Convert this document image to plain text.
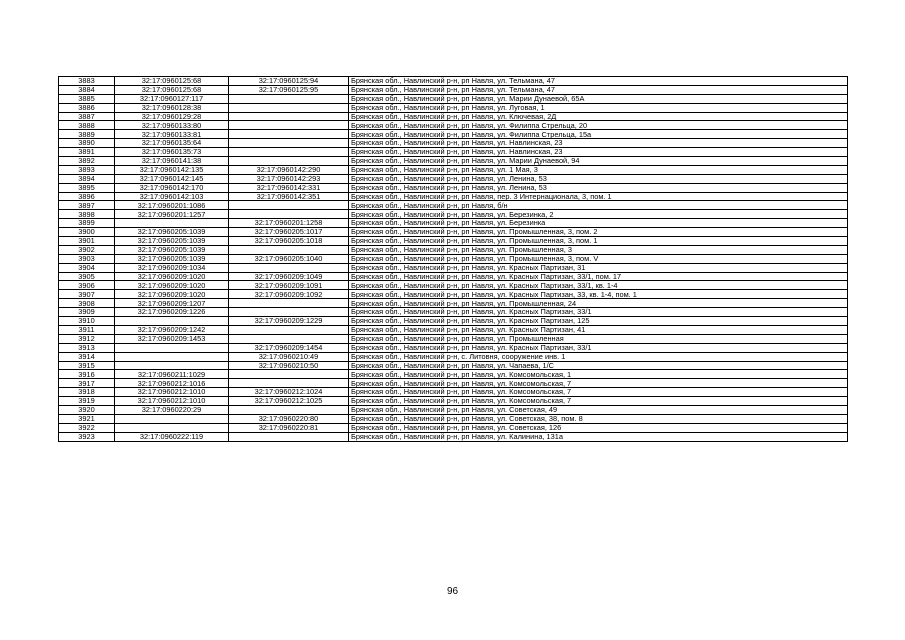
3883	32:17:0960125:68	32:17:0960125:94	Брянская обл., Навлинский р-н, рп Навля, ул. Тельмана, 47
3884	32:17:0960125:68	32:17:0960125:95	Брянская обл., Навлинский р-н, рп Навля, ул. Тельмана, 47
3885	32:17:0960127:117		Брянская обл., Навлинский р-н, рп Навля, ул. Марии Дунаевой, 65А
3886	32:17:0960128:38		Брянская обл., Навлинский р-н, рп Навля, ул. Луговая, 1
3887	32:17:0960129:28		Брянская обл., Навлинский р-н, рп Навля, ул. Ключевая, 2Д
3888	32:17:0960133:80		Брянская обл., Навлинский р-н, рп Навля, ул. Филиппа Стрельца, 20
3889	32:17:0960133:81		Брянская обл., Навлинский р-н, рп Навля, ул. Филиппа Стрельца, 15а
3890	32:17:0960135:64		Брянская обл., Навлинский р-н, рп Навля, ул. Навлинская, 23
3891	32:17:0960135:73		Брянская обл., Навлинский р-н, рп Навля, ул. Навлинская, 23
3892	32:17:0960141:38		Брянская обл., Навлинский р-н, рп Навля, ул. Марии Дунаевой, 94
3893	32:17:0960142:135	32:17:0960142:290	Брянская обл., Навлинский р-н, рп Навля, ул. 1 Мая, 3
3894	32:17:0960142:145	32:17:0960142:293	Брянская обл., Навлинский р-н, рп Навля, ул. Ленина, 53
3895	32:17:0960142:170	32:17:0960142:331	Брянская обл., Навлинский р-н, рп Навля, ул. Ленина, 53
3896	32:17:0960142:103	32:17:0960142:351	Брянская обл., Навлинский р-н, рп Навля, пер. 3 Интернационала, 3, пом. 1
3897	32:17:0960201:1086		Брянская обл., Навлинский р-н, рп Навля, б/н
3898	32:17:0960201:1257		Брянская обл., Навлинский р-н, рп Навля, ул. Березинка, 2
3899		32:17:0960201:1258	Брянская обл., Навлинский р-н, рп Навля, ул. Березинка
3900	32:17:0960205:1039	32:17:0960205:1017	Брянская обл., Навлинский р-н, рп Навля, ул. Промышленная, 3, пом. 2
3901	32:17:0960205:1039	32:17:0960205:1018	Брянская обл., Навлинский р-н, рп Навля, ул. Промышленная, 3, пом. 1
3902	32:17:0960205:1039		Брянская обл., Навлинский р-н, рп Навля, ул. Промышленная, 3
3903	32:17:0960205:1039	32:17:0960205:1040	Брянская обл., Навлинский р-н, рп Навля, ул. Промышленная, 3, пом. V
3904	32:17:0960209:1034		Брянская обл., Навлинский р-н, рп Навля, ул. Красных Партизан, 31
3905	32:17:0960209:1020	32:17:0960209:1049	Брянская обл., Навлинский р-н, рп Навля, ул. Красных Партизан, 33/1, пом. 17
3906	32:17:0960209:1020	32:17:0960209:1091	Брянская обл., Навлинский р-н, рп Навля, ул. Красных Партизан, 33/1, кв. 1-4
3907	32:17:0960209:1020	32:17:0960209:1092	Брянская обл., Навлинский р-н, рп Навля, ул. Красных Партизан, 33, кв. 1-4, пом. 1
3908	32:17:0960209:1207		Брянская обл., Навлинский р-н, рп Навля, ул. Промышленная, 24
3909	32:17:0960209:1226		Брянская обл., Навлинский р-н, рп Навля, ул. Красных Партизан, 33/1
3910		32:17:0960209:1229	Брянская обл., Навлинский р-н, рп Навля, ул. Красных Партизан, 125
3911	32:17:0960209:1242		Брянская обл., Навлинский р-н, рп Навля, ул. Красных Партизан, 41
3912	32:17:0960209:1453		Брянская обл., Навлинский р-н, рп Навля, ул. Промышленная
3913		32:17:0960209:1454	Брянская обл., Навлинский р-н, рп Навля, ул. Красных Партизан, 33/1
3914		32:17:0960210:49	Брянская обл., Навлинский р-н, с. Литовня, сооружение инв. 1
3915		32:17:0960210:50	Брянская обл., Навлинский р-н, рп Навля, ул. Чапаева, 1/С
3916	32:17:0960211:1029		Брянская обл., Навлинский р-н, рп Навля, ул. Комсомольская, 1
3917	32:17:0960212:1016		Брянская обл., Навлинский р-н, рп Навля, ул. Комсомольская, 7
3918	32:17:0960212:1010	32:17:0960212:1024	Брянская обл., Навлинский р-н, рп Навля, ул. Комсомольская, 7
3919	32:17:0960212:1010	32:17:0960212:1025	Брянская обл., Навлинский р-н, рп Навля, ул. Комсомольская, 7
3920	32:17:0960220:29		Брянская обл., Навлинский р-н, рп Навля, ул. Советская, 49
3921		32:17:0960220:80	Брянская обл., Навлинский р-н, рп Навля, ул. Советская, 38, пом. 8
3922		32:17:0960220:81	Брянская обл., Навлинский р-н, рп Навля, ул. Советская, 126
3923	32:17:0960222:119		Брянская обл., Навлинский р-н, рп Навля, ул. Калинина, 131а
96
